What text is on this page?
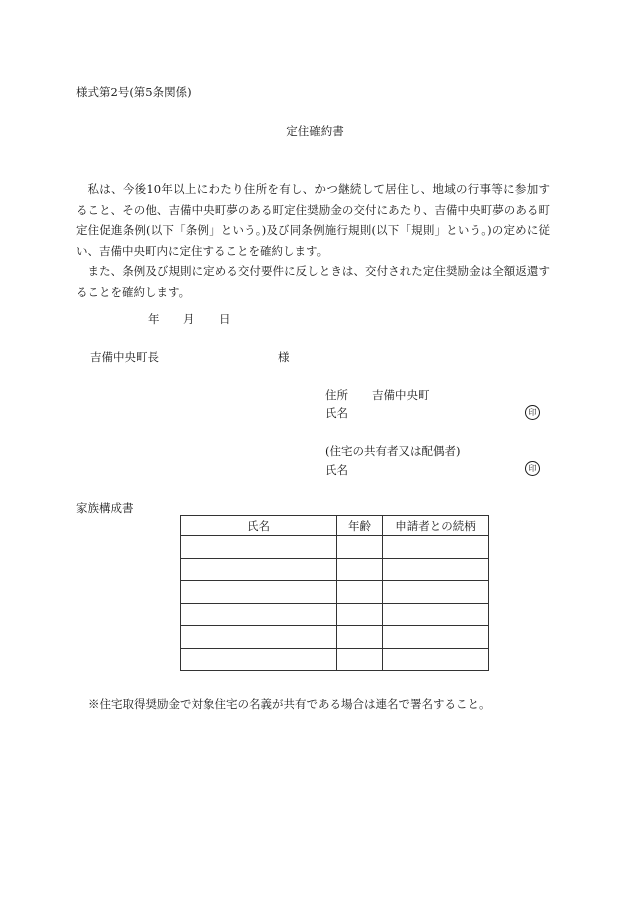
様式第2号(第5条関係)
定住確約書

私は、今後10年以上にわたり住所を有し、かつ継続して居住し、地域の行事等に参加すること、その他、吉備中央町夢のある町定住奨励金の交付にあたり、吉備中央町夢のある町定住促進条例(以下「条例」という。)及び同条例施行規則(以下「規則」という。)の定めに従い、吉備中央町内に定住することを確約します。

また、条例及び規則に定める交付要件に反しときは、交付された定住奨励金は全額返還することを確約します。

年 月 日
吉備中央町長	様
住所 吉備中央町
氏名	印
(住宅の共有者又は配偶者)
氏名	印
家族構成書
氏名	年齢	申請者との続柄

※住宅取得奨励金で対象住宅の名義が共有である場合は連名で署名すること。
